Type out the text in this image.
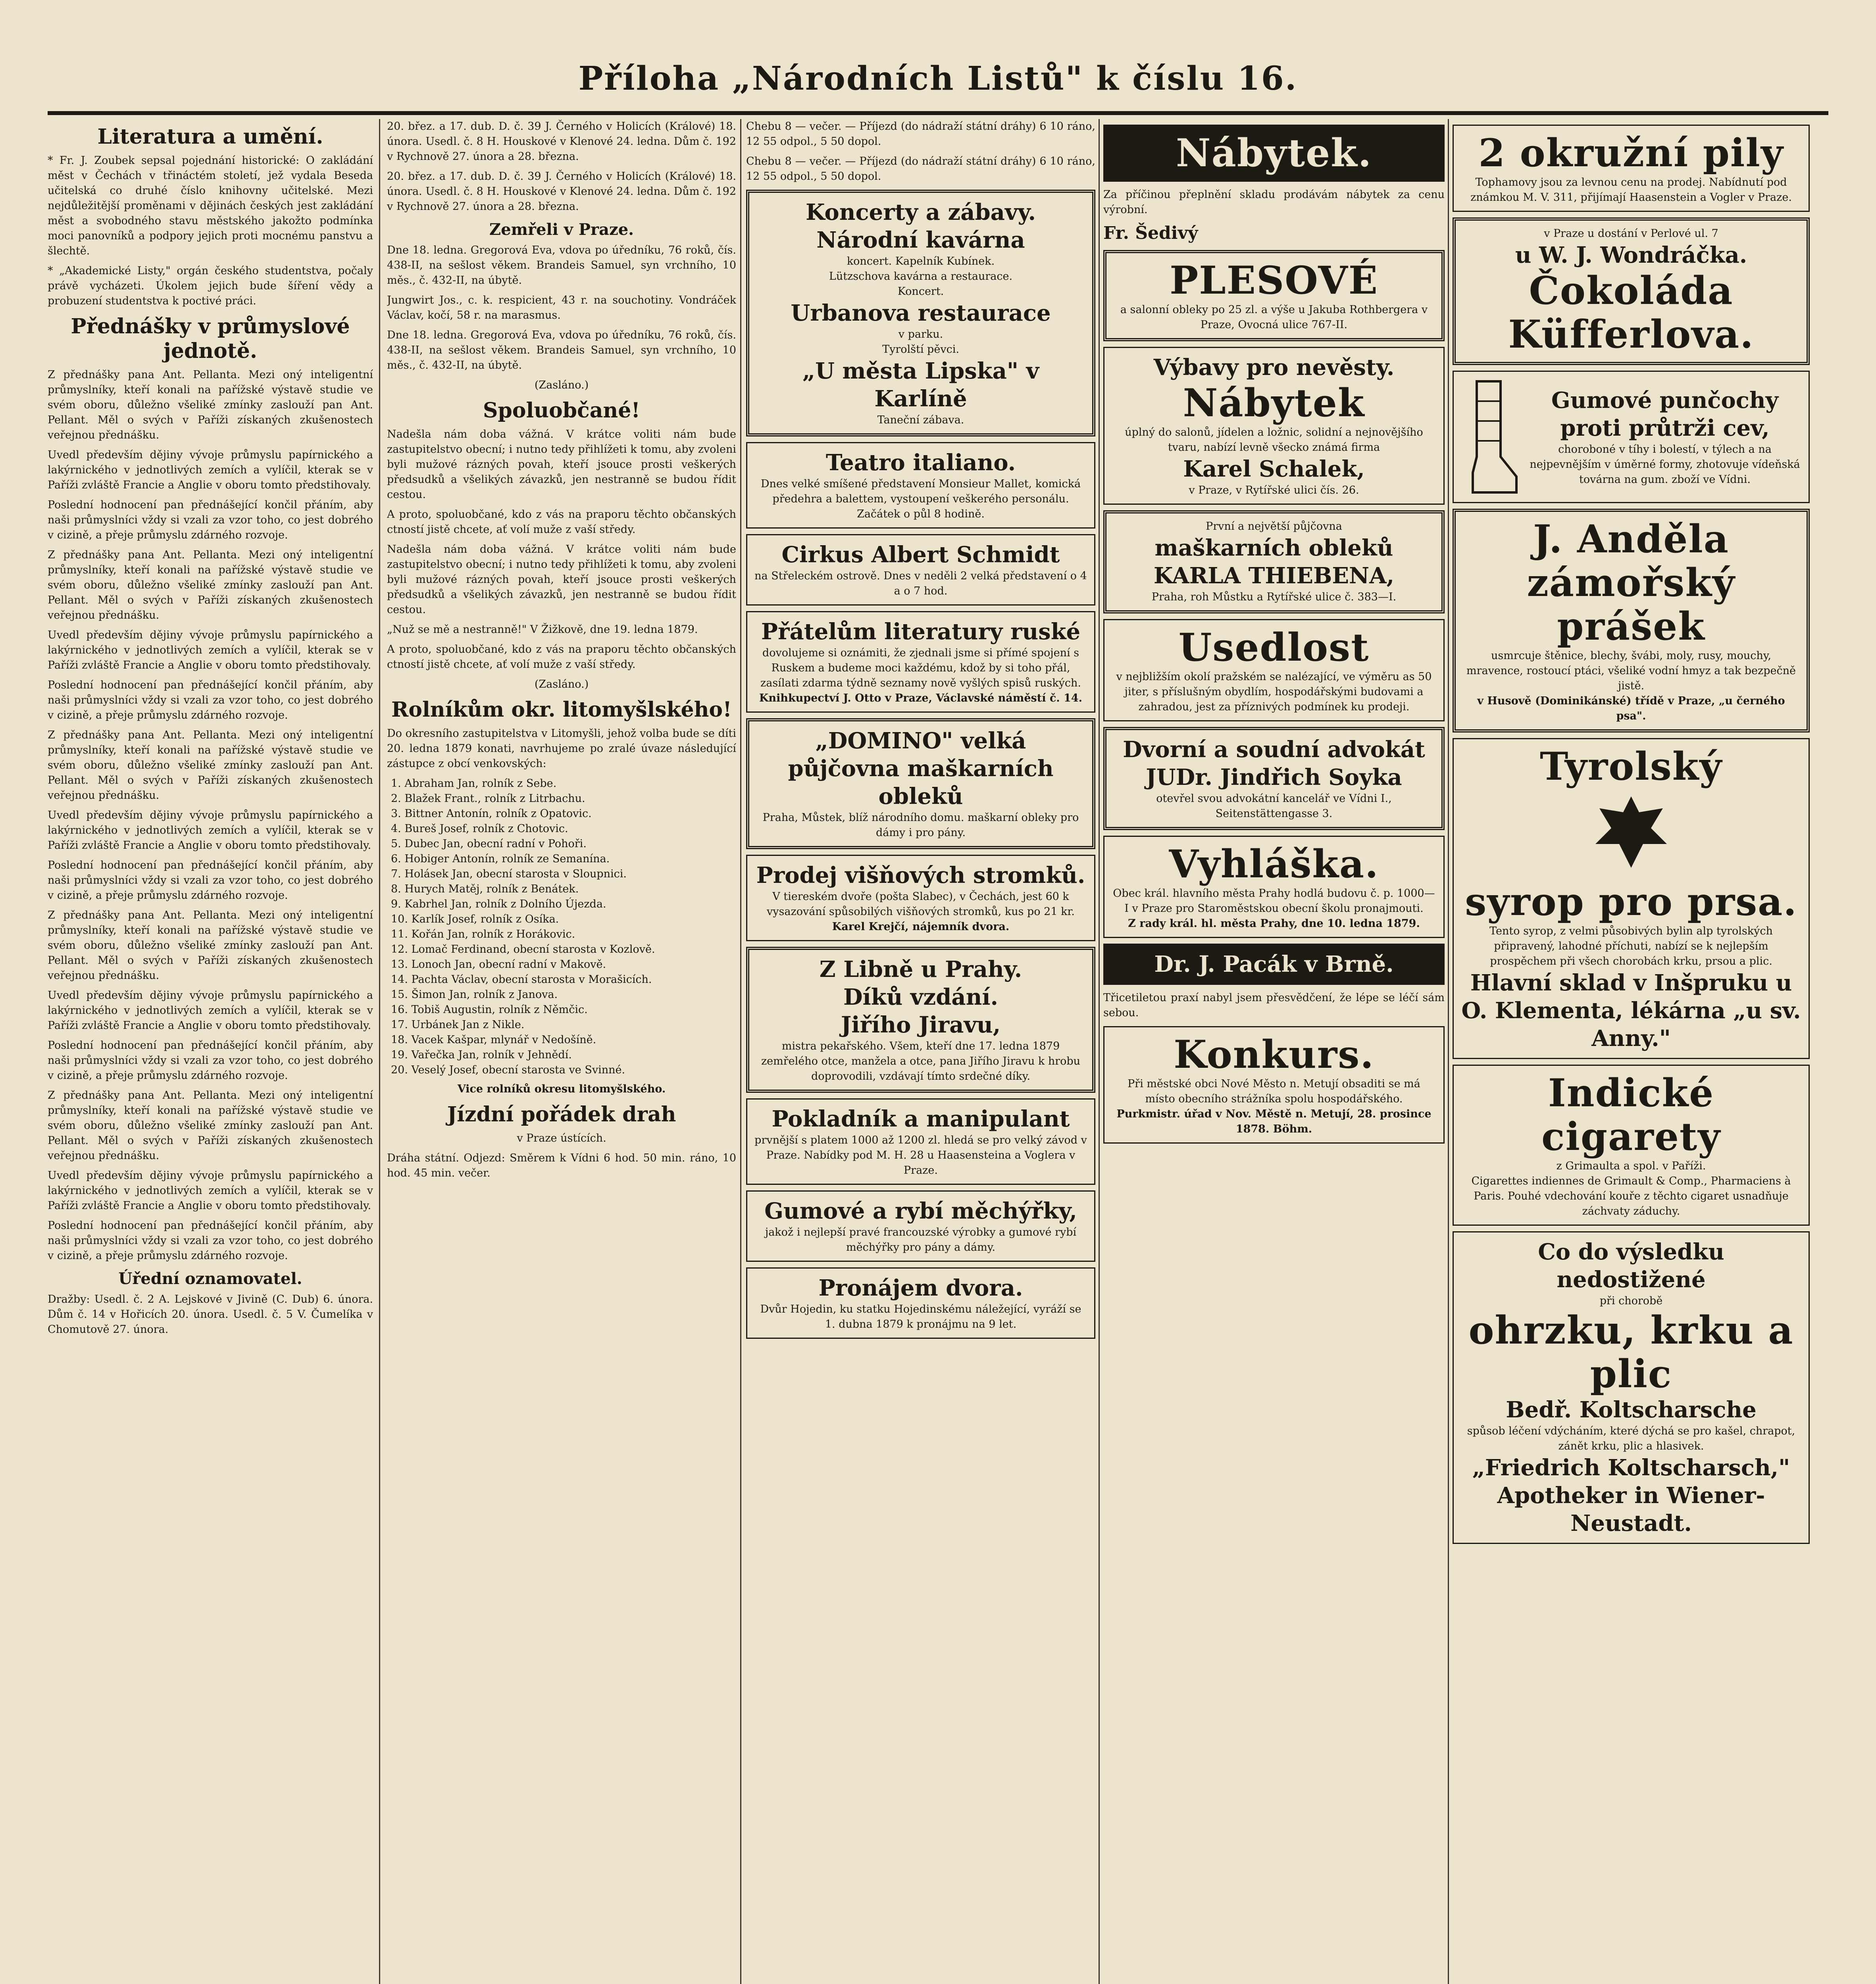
Příloha „Národních Listů" k číslu 16.
Literatura a umění.

* Fr. J. Zoubek sepsal pojednání historické: O zakládání měst v Čechách v třináctém století, jež vydala Beseda učitelská co druhé číslo knihovny učitelské. Mezi nejdůležitější proměnami v dějinách českých jest zakládání měst a svobodného stavu městského jakožto podmínka moci panovníků a podpory jejich proti mocnému panstvu a šlechtě.

* „Akademické Listy," orgán českého studentstva, počaly právě vycházeti. Úkolem jejich bude šíření vědy a probuzení studentstva k poctivé práci.

Přednášky v průmyslové jednotě.

Z přednášky pana Ant. Pellanta. Mezi oný inteligentní průmyslníky, kteří konali na pařížské výstavě studie ve svém oboru, důležno všeliké zmínky zaslouží pan Ant. Pellant. Měl o svých v Paříži získaných zkušenostech veřejnou přednášku.

Uvedl především dějiny vývoje průmyslu papírnického a lakýrnického v jednotlivých zemích a vylíčil, kterak se v Paříži zvláště Francie a Anglie v oboru tomto předstihovaly.

Poslední hodnocení pan přednášející končil přáním, aby naši průmyslníci vždy si vzali za vzor toho, co jest dobrého v cizině, a přeje průmyslu zdárného rozvoje.

Z přednášky pana Ant. Pellanta. Mezi oný inteligentní průmyslníky, kteří konali na pařížské výstavě studie ve svém oboru, důležno všeliké zmínky zaslouží pan Ant. Pellant. Měl o svých v Paříži získaných zkušenostech veřejnou přednášku.

Uvedl především dějiny vývoje průmyslu papírnického a lakýrnického v jednotlivých zemích a vylíčil, kterak se v Paříži zvláště Francie a Anglie v oboru tomto předstihovaly.

Poslední hodnocení pan přednášející končil přáním, aby naši průmyslníci vždy si vzali za vzor toho, co jest dobrého v cizině, a přeje průmyslu zdárného rozvoje.

Z přednášky pana Ant. Pellanta. Mezi oný inteligentní průmyslníky, kteří konali na pařížské výstavě studie ve svém oboru, důležno všeliké zmínky zaslouží pan Ant. Pellant. Měl o svých v Paříži získaných zkušenostech veřejnou přednášku.

Uvedl především dějiny vývoje průmyslu papírnického a lakýrnického v jednotlivých zemích a vylíčil, kterak se v Paříži zvláště Francie a Anglie v oboru tomto předstihovaly.

Poslední hodnocení pan přednášející končil přáním, aby naši průmyslníci vždy si vzali za vzor toho, co jest dobrého v cizině, a přeje průmyslu zdárného rozvoje.

Z přednášky pana Ant. Pellanta. Mezi oný inteligentní průmyslníky, kteří konali na pařížské výstavě studie ve svém oboru, důležno všeliké zmínky zaslouží pan Ant. Pellant. Měl o svých v Paříži získaných zkušenostech veřejnou přednášku.

Uvedl především dějiny vývoje průmyslu papírnického a lakýrnického v jednotlivých zemích a vylíčil, kterak se v Paříži zvláště Francie a Anglie v oboru tomto předstihovaly.

Poslední hodnocení pan přednášející končil přáním, aby naši průmyslníci vždy si vzali za vzor toho, co jest dobrého v cizině, a přeje průmyslu zdárného rozvoje.

Z přednášky pana Ant. Pellanta. Mezi oný inteligentní průmyslníky, kteří konali na pařížské výstavě studie ve svém oboru, důležno všeliké zmínky zaslouží pan Ant. Pellant. Měl o svých v Paříži získaných zkušenostech veřejnou přednášku.

Uvedl především dějiny vývoje průmyslu papírnického a lakýrnického v jednotlivých zemích a vylíčil, kterak se v Paříži zvláště Francie a Anglie v oboru tomto předstihovaly.

Poslední hodnocení pan přednášející končil přáním, aby naši průmyslníci vždy si vzali za vzor toho, co jest dobrého v cizině, a přeje průmyslu zdárného rozvoje.

Úřední oznamovatel.

Dražby: Usedl. č. 2 A. Lejskové v Jivině (C. Dub) 6. února. Dům č. 14 v Hořicích 20. února. Usedl. č. 5 V. Čumelíka v Chomutově 27. února.

20. břez. a 17. dub. D. č. 39 J. Černého v Holicích (Králové) 18. února. Usedl. č. 8 H. Houskové v Klenové 24. ledna. Dům č. 192 v Rychnově 27. února a 28. března.

20. břez. a 17. dub. D. č. 39 J. Černého v Holicích (Králové) 18. února. Usedl. č. 8 H. Houskové v Klenové 24. ledna. Dům č. 192 v Rychnově 27. února a 28. března.

Zemřeli v Praze.

Dne 18. ledna. Gregorová Eva, vdova po úředníku, 76 roků, čís. 438-II, na sešlost věkem. Brandeis Samuel, syn vrchního, 10 měs., č. 432-II, na úbytě.

Jungwirt Jos., c. k. respicient, 43 r. na souchotiny. Vondráček Václav, kočí, 58 r. na marasmus.

Dne 18. ledna. Gregorová Eva, vdova po úředníku, 76 roků, čís. 438-II, na sešlost věkem. Brandeis Samuel, syn vrchního, 10 měs., č. 432-II, na úbytě.

(Zasláno.)

Spoluobčané!

Nadešla nám doba vážná. V krátce voliti nám bude zastupitelstvo obecní; i nutno tedy přihlížeti k tomu, aby zvoleni byli mužové rázných povah, kteří jsouce prosti veškerých předsudků a všelikých závazků, jen nestranně se budou řídit cestou.

A proto, spoluobčané, kdo z vás na praporu těchto občanských ctností jistě chcete, ať volí muže z vaší středy.

Nadešla nám doba vážná. V krátce voliti nám bude zastupitelstvo obecní; i nutno tedy přihlížeti k tomu, aby zvoleni byli mužové rázných povah, kteří jsouce prosti veškerých předsudků a všelikých závazků, jen nestranně se budou řídit cestou.

„Nuž se mě a nestranně!" V Žižkově, dne 19. ledna 1879.

A proto, spoluobčané, kdo z vás na praporu těchto občanských ctností jistě chcete, ať volí muže z vaší středy.

(Zasláno.)

Rolníkům okr. litomyšlského!

Do okresního zastupitelstva v Litomyšli, jehož volba bude se díti 20. ledna 1879 konati, navrhujeme po zralé úvaze následující zástupce z obcí venkovských:

1. Abraham Jan, rolník z Sebe.
2. Blažek Frant., rolník z Litrbachu.
3. Bittner Antonín, rolník z Opatovic.
4. Bureš Josef, rolník z Chotovic.
5. Dubec Jan, obecní radní v Pohoři.
6. Hobiger Antonín, rolník ze Semanína.
7. Holásek Jan, obecní starosta v Sloupnici.
8. Hurych Matěj, rolník z Benátek.
9. Kabrhel Jan, rolník z Dolního Újezda.
10. Karlík Josef, rolník z Osíka.
11. Kořán Jan, rolník z Horákovic.
12. Lomač Ferdinand, obecní starosta v Kozlově.
13. Lonoch Jan, obecní radní v Makově.
14. Pachta Václav, obecní starosta v Morašicích.
15. Šimon Jan, rolník z Janova.
16. Tobiš Augustin, rolník z Němčic.
17. Urbánek Jan z Nikle.
18. Vacek Kašpar, mlynář v Nedošíně.
19. Vařečka Jan, rolník v Jehnědí.
20. Veselý Josef, obecní starosta ve Svinné.

Vice rolníků okresu litomyšlského.

Jízdní pořádek drah

v Praze ústících.

Dráha státní. Odjezd: Směrem k Vídni 6 hod. 50 min. ráno, 10 hod. 45 min. večer.

Chebu 8 — večer. — Příjezd (do nádraží státní dráhy) 6 10 ráno, 12 55 odpol., 5 50 dopol.

Chebu 8 — večer. — Příjezd (do nádraží státní dráhy) 6 10 ráno, 12 55 odpol., 5 50 dopol.

Koncerty a zábavy.
Národní kavárna
koncert. Kapelník Kubínek.
Lützschova kavárna a restaurace.
Koncert.
Urbanova restaurace
v parku.
Tyrolští pěvci.
„U města Lipska" v Karlíně
Taneční zábava.
Teatro italiano.
Dnes velké smíšené představení Monsieur Mallet, komická předehra a balettem, vystoupení veškerého personálu. Začátek o půl 8 hodině.
Cirkus Albert Schmidt
na Střeleckém ostrově. Dnes v neděli 2 velká představení o 4 a o 7 hod.
Přátelům literatury ruské
dovolujeme si oznámiti, že zjednali jsme si přímé spojení s Ruskem a budeme moci každému, kdož by si toho přál, zasílati zdarma týdně seznamy nově vyšlých spisů ruských.
Knihkupectví J. Otto v Praze, Václavské náměstí č. 14.
„DOMINO" velká půjčovna maškarních obleků
Praha, Můstek, blíž národního domu. maškarní obleky pro dámy i pro pány.
Prodej višňových stromků.
V tiereském dvoře (pošta Slabec), v Čechách, jest 60 k vysazování spůsobilých višňových stromků, kus po 21 kr.
Karel Krejčí, nájemník dvora.
Z Libně u Prahy.
Díků vzdání.
Jiřího Jiravu,
mistra pekařského. Všem, kteří dne 17. ledna 1879 zemřelého otce, manžela a otce, pana Jiřího Jiravu k hrobu doprovodili, vzdávají tímto srdečné díky.
Pokladník a manipulant
prvnější s platem 1000 až 1200 zl. hledá se pro velký závod v Praze. Nabídky pod M. H. 28 u Haasensteina a Voglera v Praze.
Gumové a rybí měchýřky,
jakož i nejlepší pravé francouzské výrobky a gumové rybí měchýřky pro pány a dámy.
Pronájem dvora.
Dvůr Hojedin, ku statku Hojedinskému náležející, vyráží se 1. dubna 1879 k pronájmu na 9 let.
Nábytek.

Za příčinou přeplnění skladu prodávám nábytek za cenu výrobní.

Fr. Šedivý

PLESOVÉ
a salonní obleky po 25 zl. a výše u Jakuba Rothbergera v Praze, Ovocná ulice 767-II.
Výbavy pro nevěsty.
Nábytek
úplný do salonů, jídelen a ložnic, solidní a nejnovějšího tvaru, nabízí levně všecko známá firma
Karel Schalek,
v Praze, v Rytířské ulici čís. 26.
První a největší půjčovna
maškarních obleků
KARLA THIEBENA,
Praha, roh Můstku a Rytířské ulice č. 383—I.
Usedlost
v nejbližším okolí pražském se nalézající, ve výměru as 50 jiter, s příslušným obydlím, hospodářskými budovami a zahradou, jest za příznivých podmínek ku prodeji.
Dvorní a soudní advokát JUDr. Jindřich Soyka
otevřel svou advokátní kancelář ve Vídni I., Seitenstättengasse 3.
Vyhláška.
Obec král. hlavního města Prahy hodlá budovu č. p. 1000—I v Praze pro Staroměstskou obecní školu pronajmouti.
Z rady král. hl. města Prahy, dne 10. ledna 1879.
Dr. J. Pacák v Brně.

Třicetiletou praxí nabyl jsem přesvědčení, že lépe se léčí sám sebou.

Konkurs.
Při městské obci Nové Město n. Metují obsaditi se má místo obecního strážníka spolu hospodářského.
Purkmistr. úřad v Nov. Městě n. Metují, 28. prosince 1878. Böhm.
2 okružní pily
Tophamovy jsou za levnou cenu na prodej. Nabídnutí pod známkou M. V. 311, přijímají Haasenstein a Vogler v Praze.
v Praze u dostání v Perlové ul. 7
u W. J. Wondráčka.
Čokoláda
Küfferlova.
Gumové punčochy proti průtrži cev,
choroboné v tíhy i bolestí, v týlech a na nejpevnějším v úměrné formy, zhotovuje vídeňská továrna na gum. zboží ve Vídni.
J. Anděla zámořský prášek
usmrcuje štěnice, blechy, švábi, moly, rusy, mouchy, mravence, rostoucí ptáci, všeliké vodní hmyz a tak bezpečně jistě.
v Husově (Dominikánské) třídě v Praze, „u černého psa".
Tyrolský
syrop pro prsa.
Tento syrop, z velmi působivých bylin alp tyrolských připravený, lahodné příchuti, nabízí se k nejlepším prospěchem při všech chorobách krku, prsou a plic.
Hlavní sklad v Inšpruku u O. Klementa, lékárna „u sv. Anny."
Indické cigarety
z Grimaulta a spol. v Paříži.
Cigarettes indiennes de Grimault & Comp., Pharmaciens à Paris. Pouhé vdechování kouře z těchto cigaret usnadňuje záchvaty záduchy.
Co do výsledku nedostižené
při chorobě
ohrzku, krku a plic
Bedř. Koltscharsche
spůsob léčení vdýcháním, které dýchá se pro kašel, chrapot, zánět krku, plic a hlasivek.
„Friedrich Koltscharsch," Apotheker in Wiener-Neustadt.
